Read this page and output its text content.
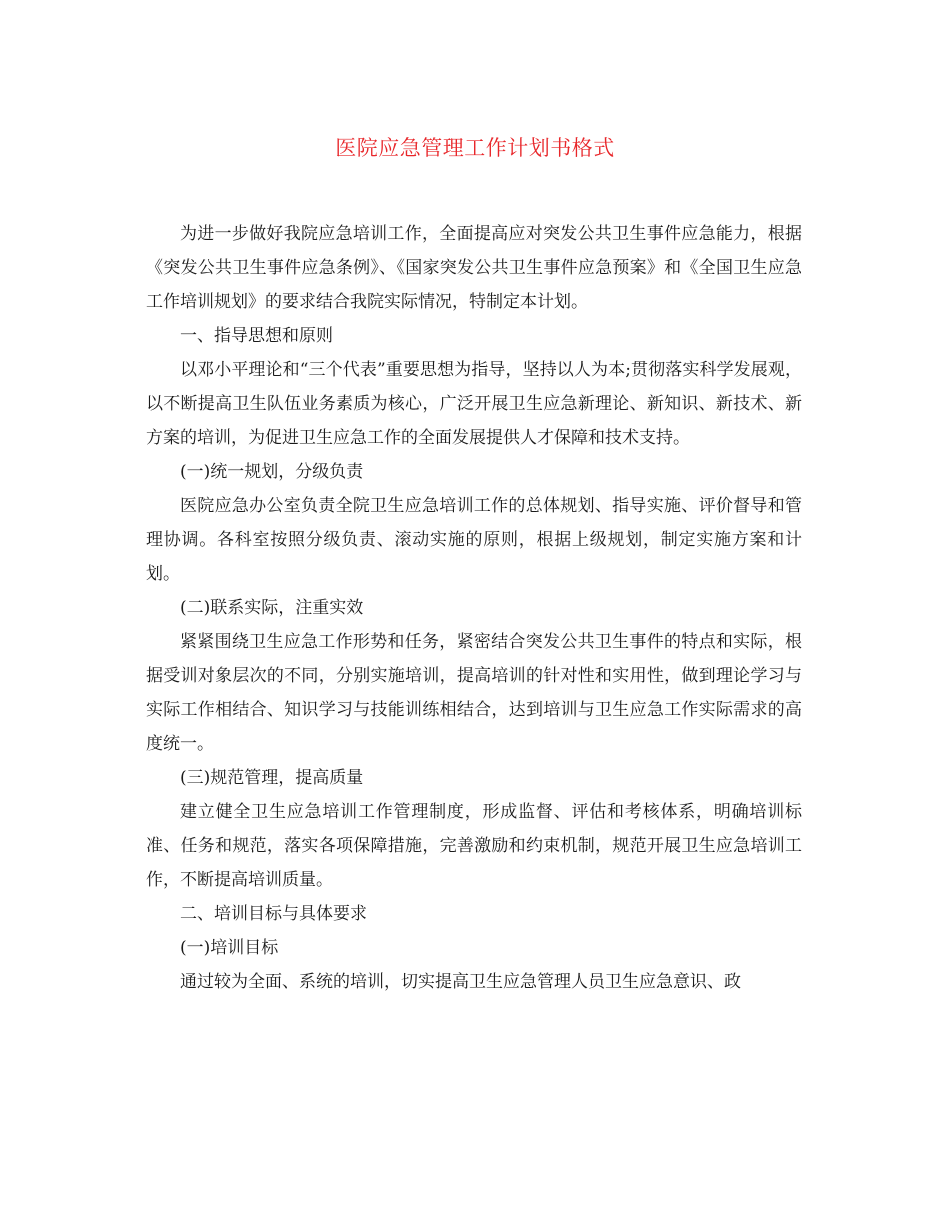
医院应急管理工作计划书格式

为进一步做好我院应急培训工作，全面提高应对突发公共卫生事件应急能力，根据《突发公共卫生事件应急条例》、《国家突发公共卫生事件应急预案》和《全国卫生应急工作培训规划》的要求结合我院实际情况，特制定本计划。

一、指导思想和原则

以邓小平理论和“三个代表”重要思想为指导，坚持以人为本;贯彻落实科学发展观，以不断提高卫生队伍业务素质为核心，广泛开展卫生应急新理论、新知识、新技术、新方案的培训，为促进卫生应急工作的全面发展提供人才保障和技术支持。

(一)统一规划，分级负责

医院应急办公室负责全院卫生应急培训工作的总体规划、指导实施、评价督导和管理协调。各科室按照分级负责、滚动实施的原则，根据上级规划，制定实施方案和计划。

(二)联系实际，注重实效

紧紧围绕卫生应急工作形势和任务，紧密结合突发公共卫生事件的特点和实际，根据受训对象层次的不同，分别实施培训，提高培训的针对性和实用性，做到理论学习与实际工作相结合、知识学习与技能训练相结合，达到培训与卫生应急工作实际需求的高度统一。

(三)规范管理，提高质量

建立健全卫生应急培训工作管理制度，形成监督、评估和考核体系，明确培训标准、任务和规范，落实各项保障措施，完善激励和约束机制，规范开展卫生应急培训工作，不断提高培训质量。

二、培训目标与具体要求

(一)培训目标

通过较为全面、系统的培训，切实提高卫生应急管理人员卫生应急意识、政
